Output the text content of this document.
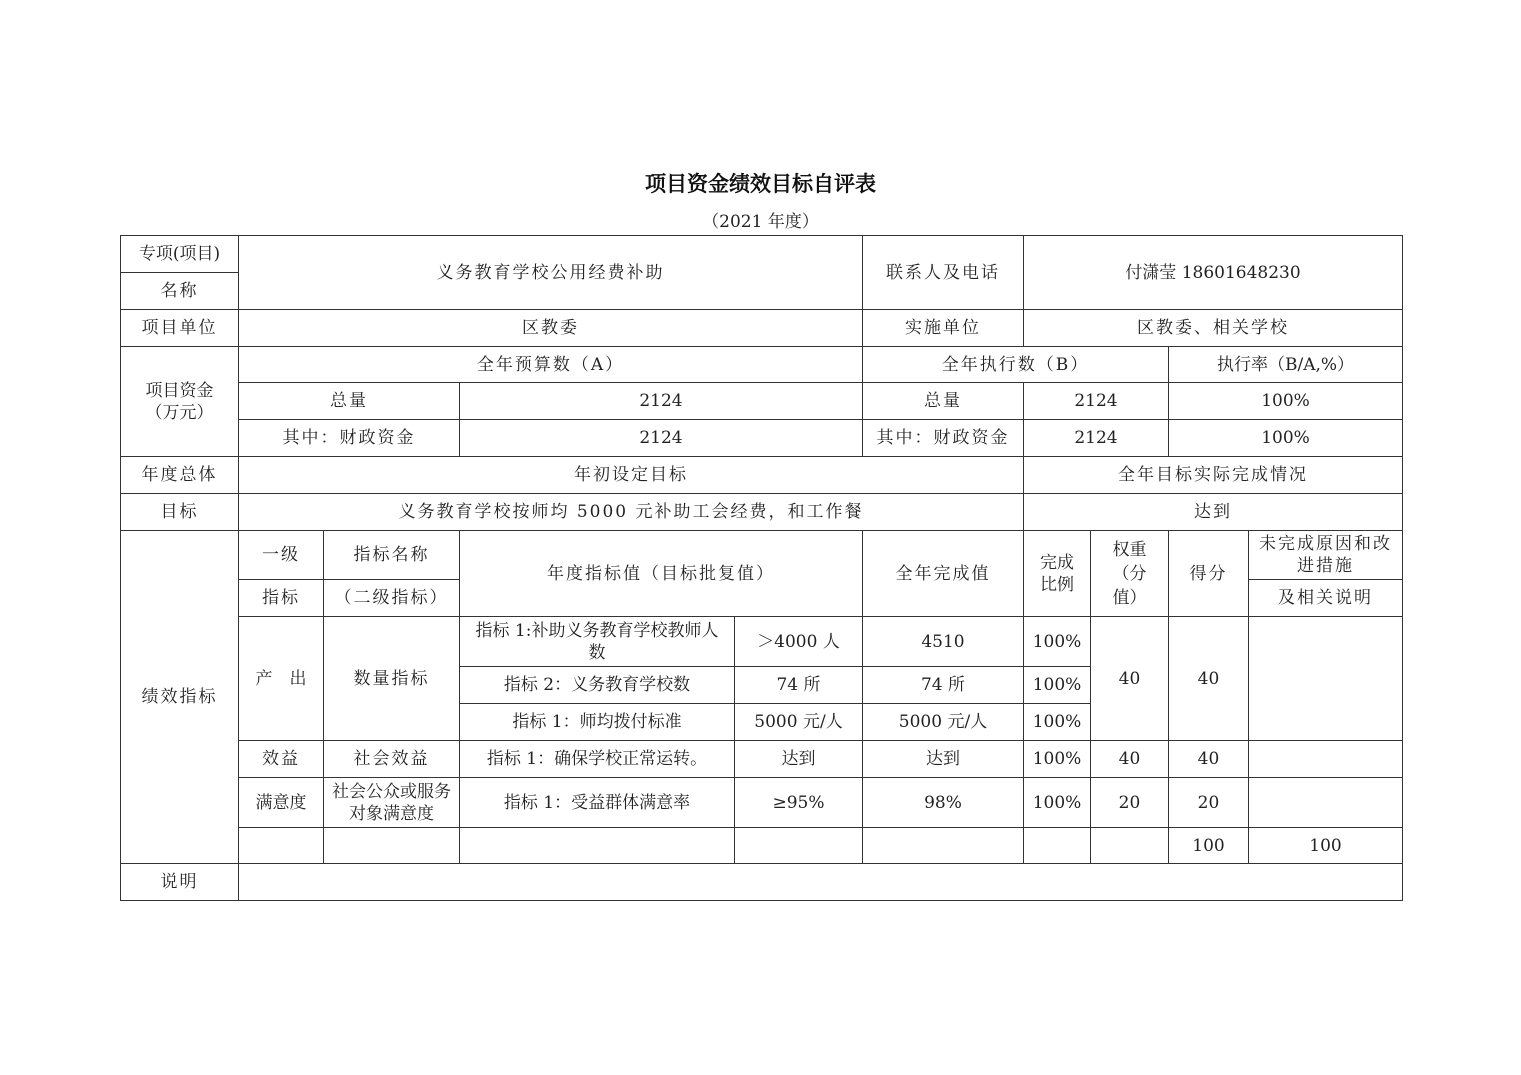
项目资金绩效目标自评表
（2021 年度）
专项(项目)	义务教育学校公用经费补助				联系人及电话	付潇莹 18601648230				
名称										
项目单位	区教委				实施单位	区教委、相关学校				
项目资金（万元）	全年预算数（A）				全年执行数（B）			执行率（B/A,%）		
	总量		2124		总量	2124		100%		
	其中：财政资金		2124		其中：财政资金	2124		100%		
年度总体	年初设定目标					全年目标实际完成情况				
目标	义务教育学校按师均 5000 元补助工会经费，和工作餐					达到				
绩效指标	一级	指标名称	年度指标值（目标批复值）		全年完成值	完成比例	权重（分值）	得分	未完成原因和改进措施	
	指标	（二级指标）							及相关说明	
	产　出	数量指标	指标 1:补助义务教育学校教师人数	＞4000 人	4510	100%	40	40		
			指标 2：义务教育学校数	74 所	74 所	100%				
			指标 1：师均拨付标准	5000 元/人	5000 元/人	100%				
	效益	社会效益	指标 1：确保学校正常运转。	达到	达到	100%	40	40		
	满意度	社会公众或服务对象满意度	指标 1：受益群体满意率	≥95%	98%	100%	20	20		
								100	100	
说明										
